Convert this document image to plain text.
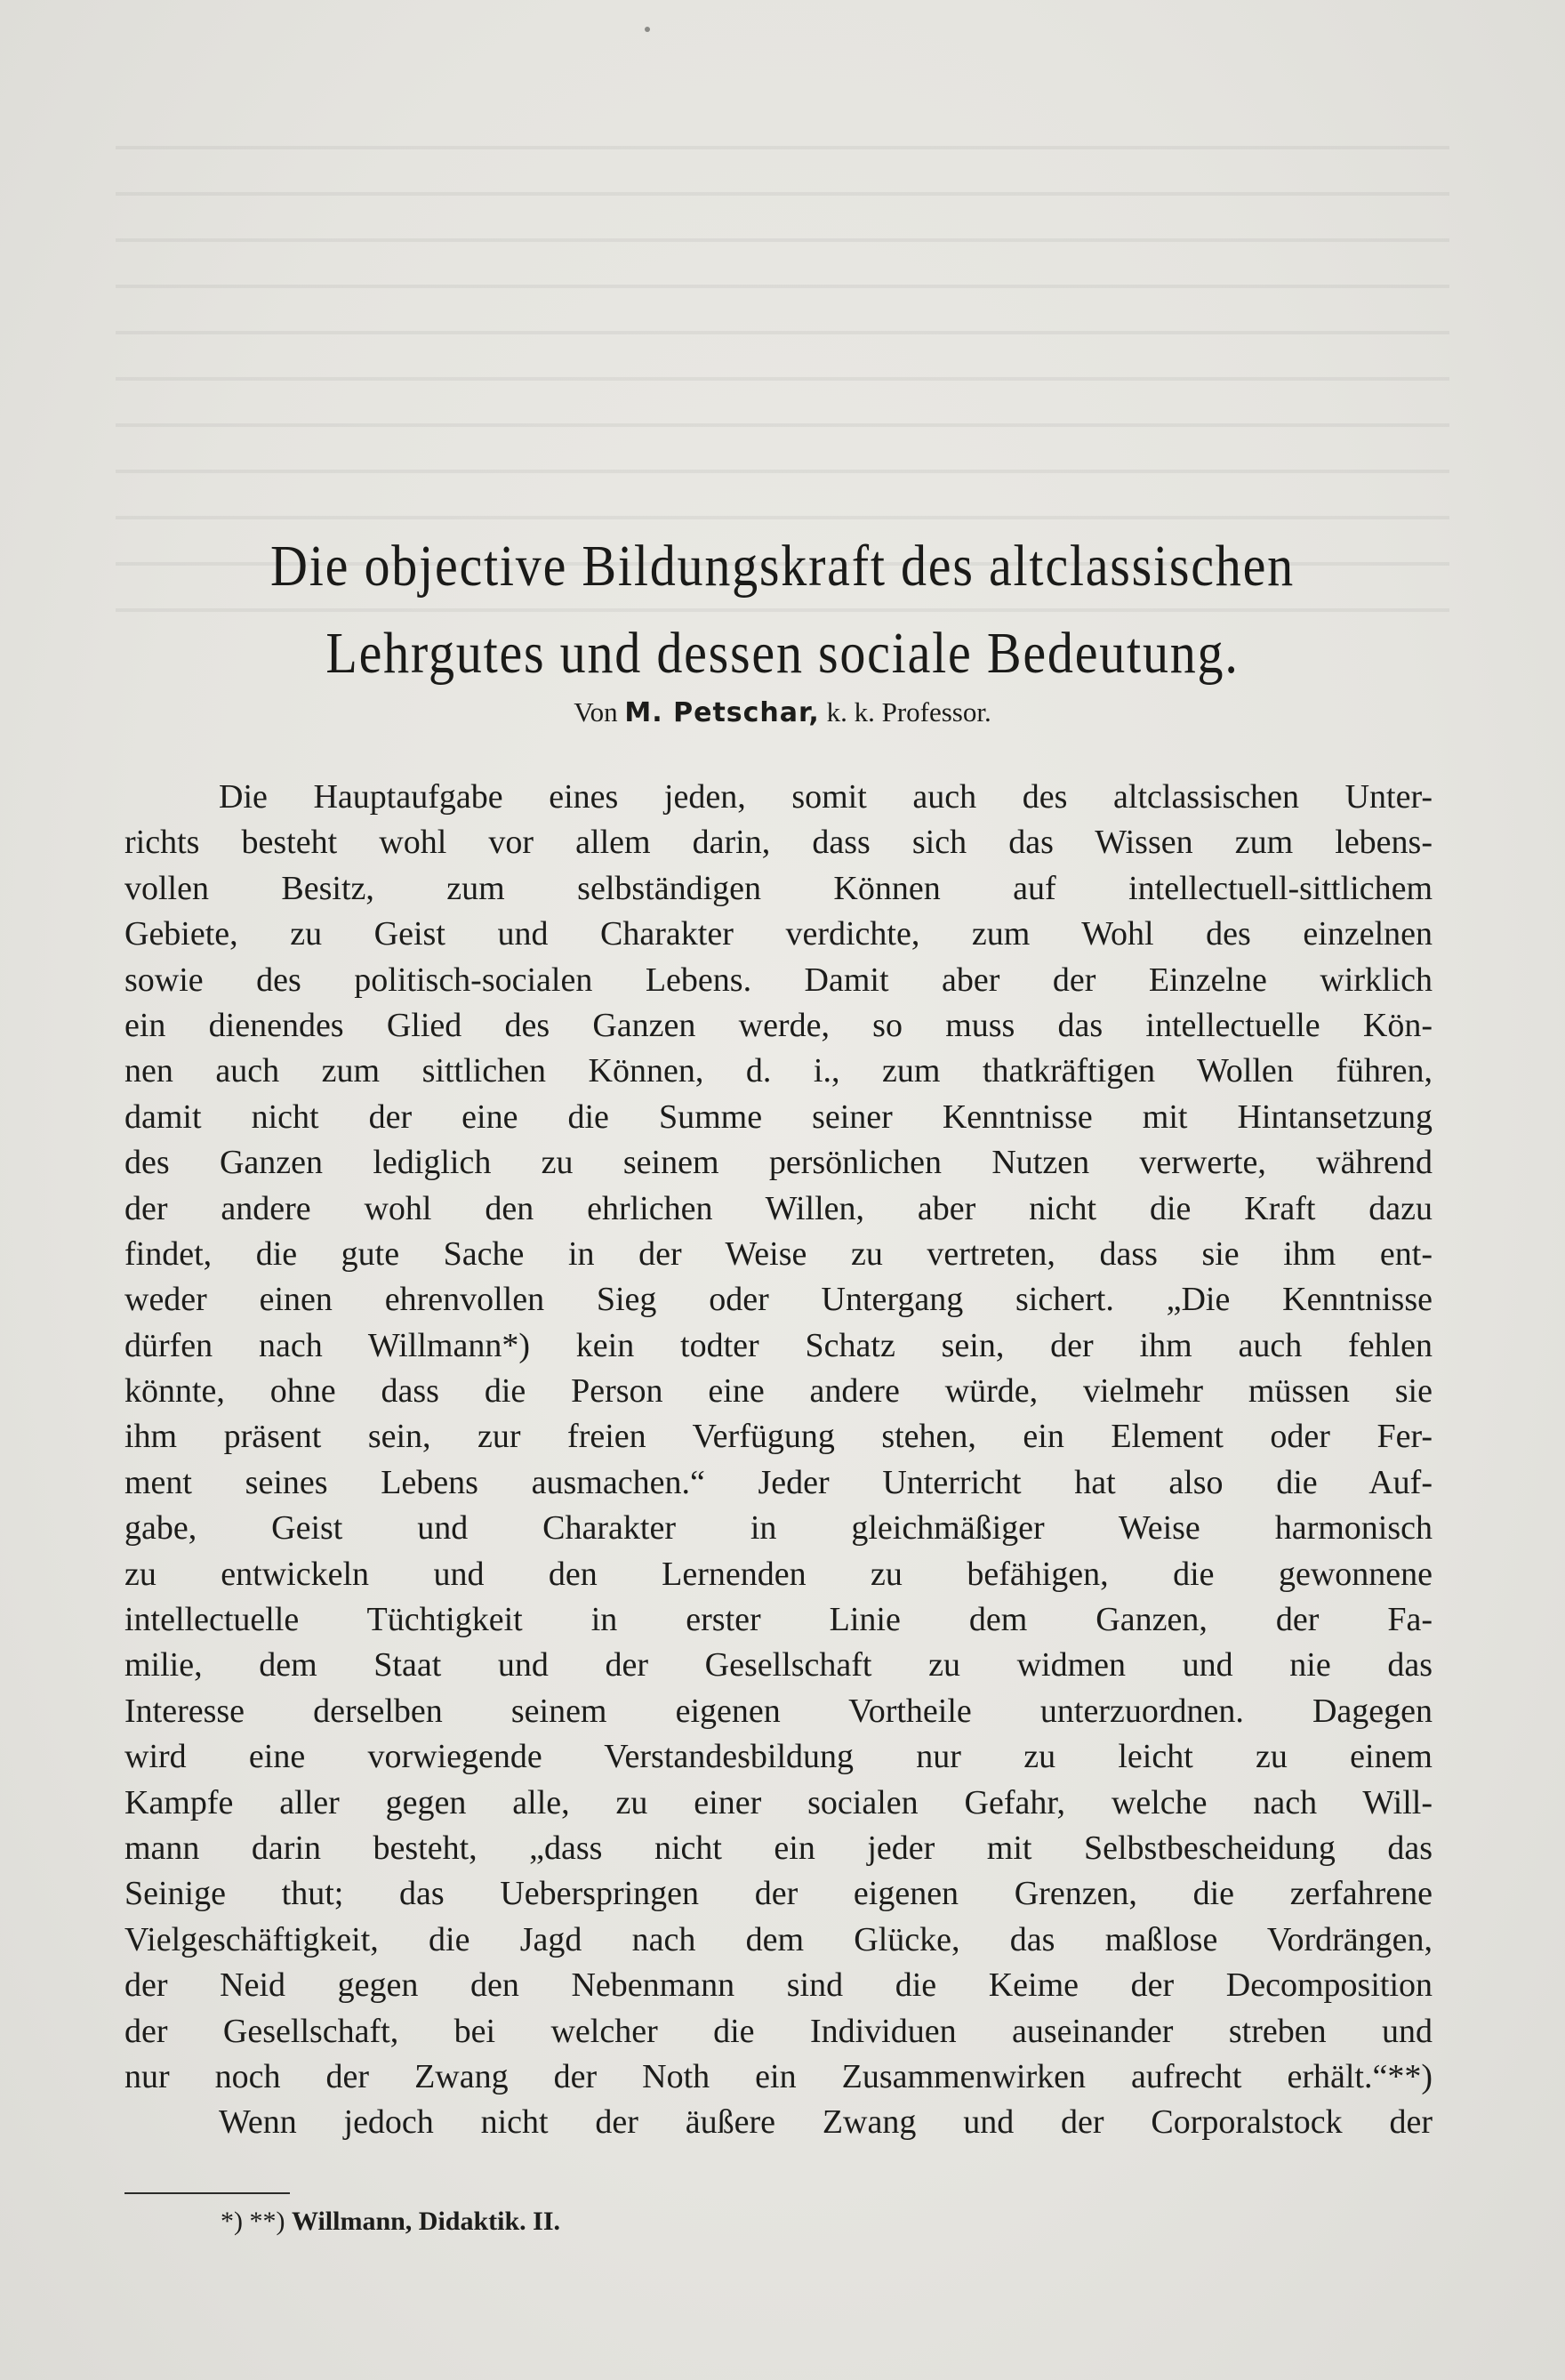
Die objective Bildungskraft des altclassischen
Lehrgutes und dessen sociale Bedeutung.
Von M. Petschar, k. k. Professor.
Die Hauptaufgabe eines jeden, somit auch des altclassischen Unter-
richts besteht wohl vor allem darin, dass sich das Wissen zum lebens-
vollen Besitz, zum selbständigen Können auf intellectuell-sittlichem
Gebiete, zu Geist und Charakter verdichte, zum Wohl des einzelnen
sowie des politisch-socialen Lebens. Damit aber der Einzelne wirklich
ein dienendes Glied des Ganzen werde, so muss das intellectuelle Kön-
nen auch zum sittlichen Können, d. i., zum thatkräftigen Wollen führen,
damit nicht der eine die Summe seiner Kenntnisse mit Hintansetzung
des Ganzen lediglich zu seinem persönlichen Nutzen verwerte, während
der andere wohl den ehrlichen Willen, aber nicht die Kraft dazu
findet, die gute Sache in der Weise zu vertreten, dass sie ihm ent-
weder einen ehrenvollen Sieg oder Untergang sichert. „Die Kenntnisse
dürfen nach Willmann*) kein todter Schatz sein, der ihm auch fehlen
könnte, ohne dass die Person eine andere würde, vielmehr müssen sie
ihm präsent sein, zur freien Verfügung stehen, ein Element oder Fer-
ment seines Lebens ausmachen.“ Jeder Unterricht hat also die Auf-
gabe, Geist und Charakter in gleichmäßiger Weise harmonisch
zu entwickeln und den Lernenden zu befähigen, die gewonnene
intellectuelle Tüchtigkeit in erster Linie dem Ganzen, der Fa-
milie, dem Staat und der Gesellschaft zu widmen und nie das
Interesse derselben seinem eigenen Vortheile unterzuordnen. Dagegen
wird eine vorwiegende Verstandesbildung nur zu leicht zu einem
Kampfe aller gegen alle, zu einer socialen Gefahr, welche nach Will-
mann darin besteht, „dass nicht ein jeder mit Selbstbescheidung das
Seinige thut; das Ueberspringen der eigenen Grenzen, die zerfahrene
Vielgeschäftigkeit, die Jagd nach dem Glücke, das maßlose Vordrängen,
der Neid gegen den Nebenmann sind die Keime der Decomposition
der Gesellschaft, bei welcher die Individuen auseinander streben und
nur noch der Zwang der Noth ein Zusammenwirken aufrecht erhält.“**)
Wenn jedoch nicht der äußere Zwang und der Corporalstock der
*) **) Willmann, Didaktik. II.
